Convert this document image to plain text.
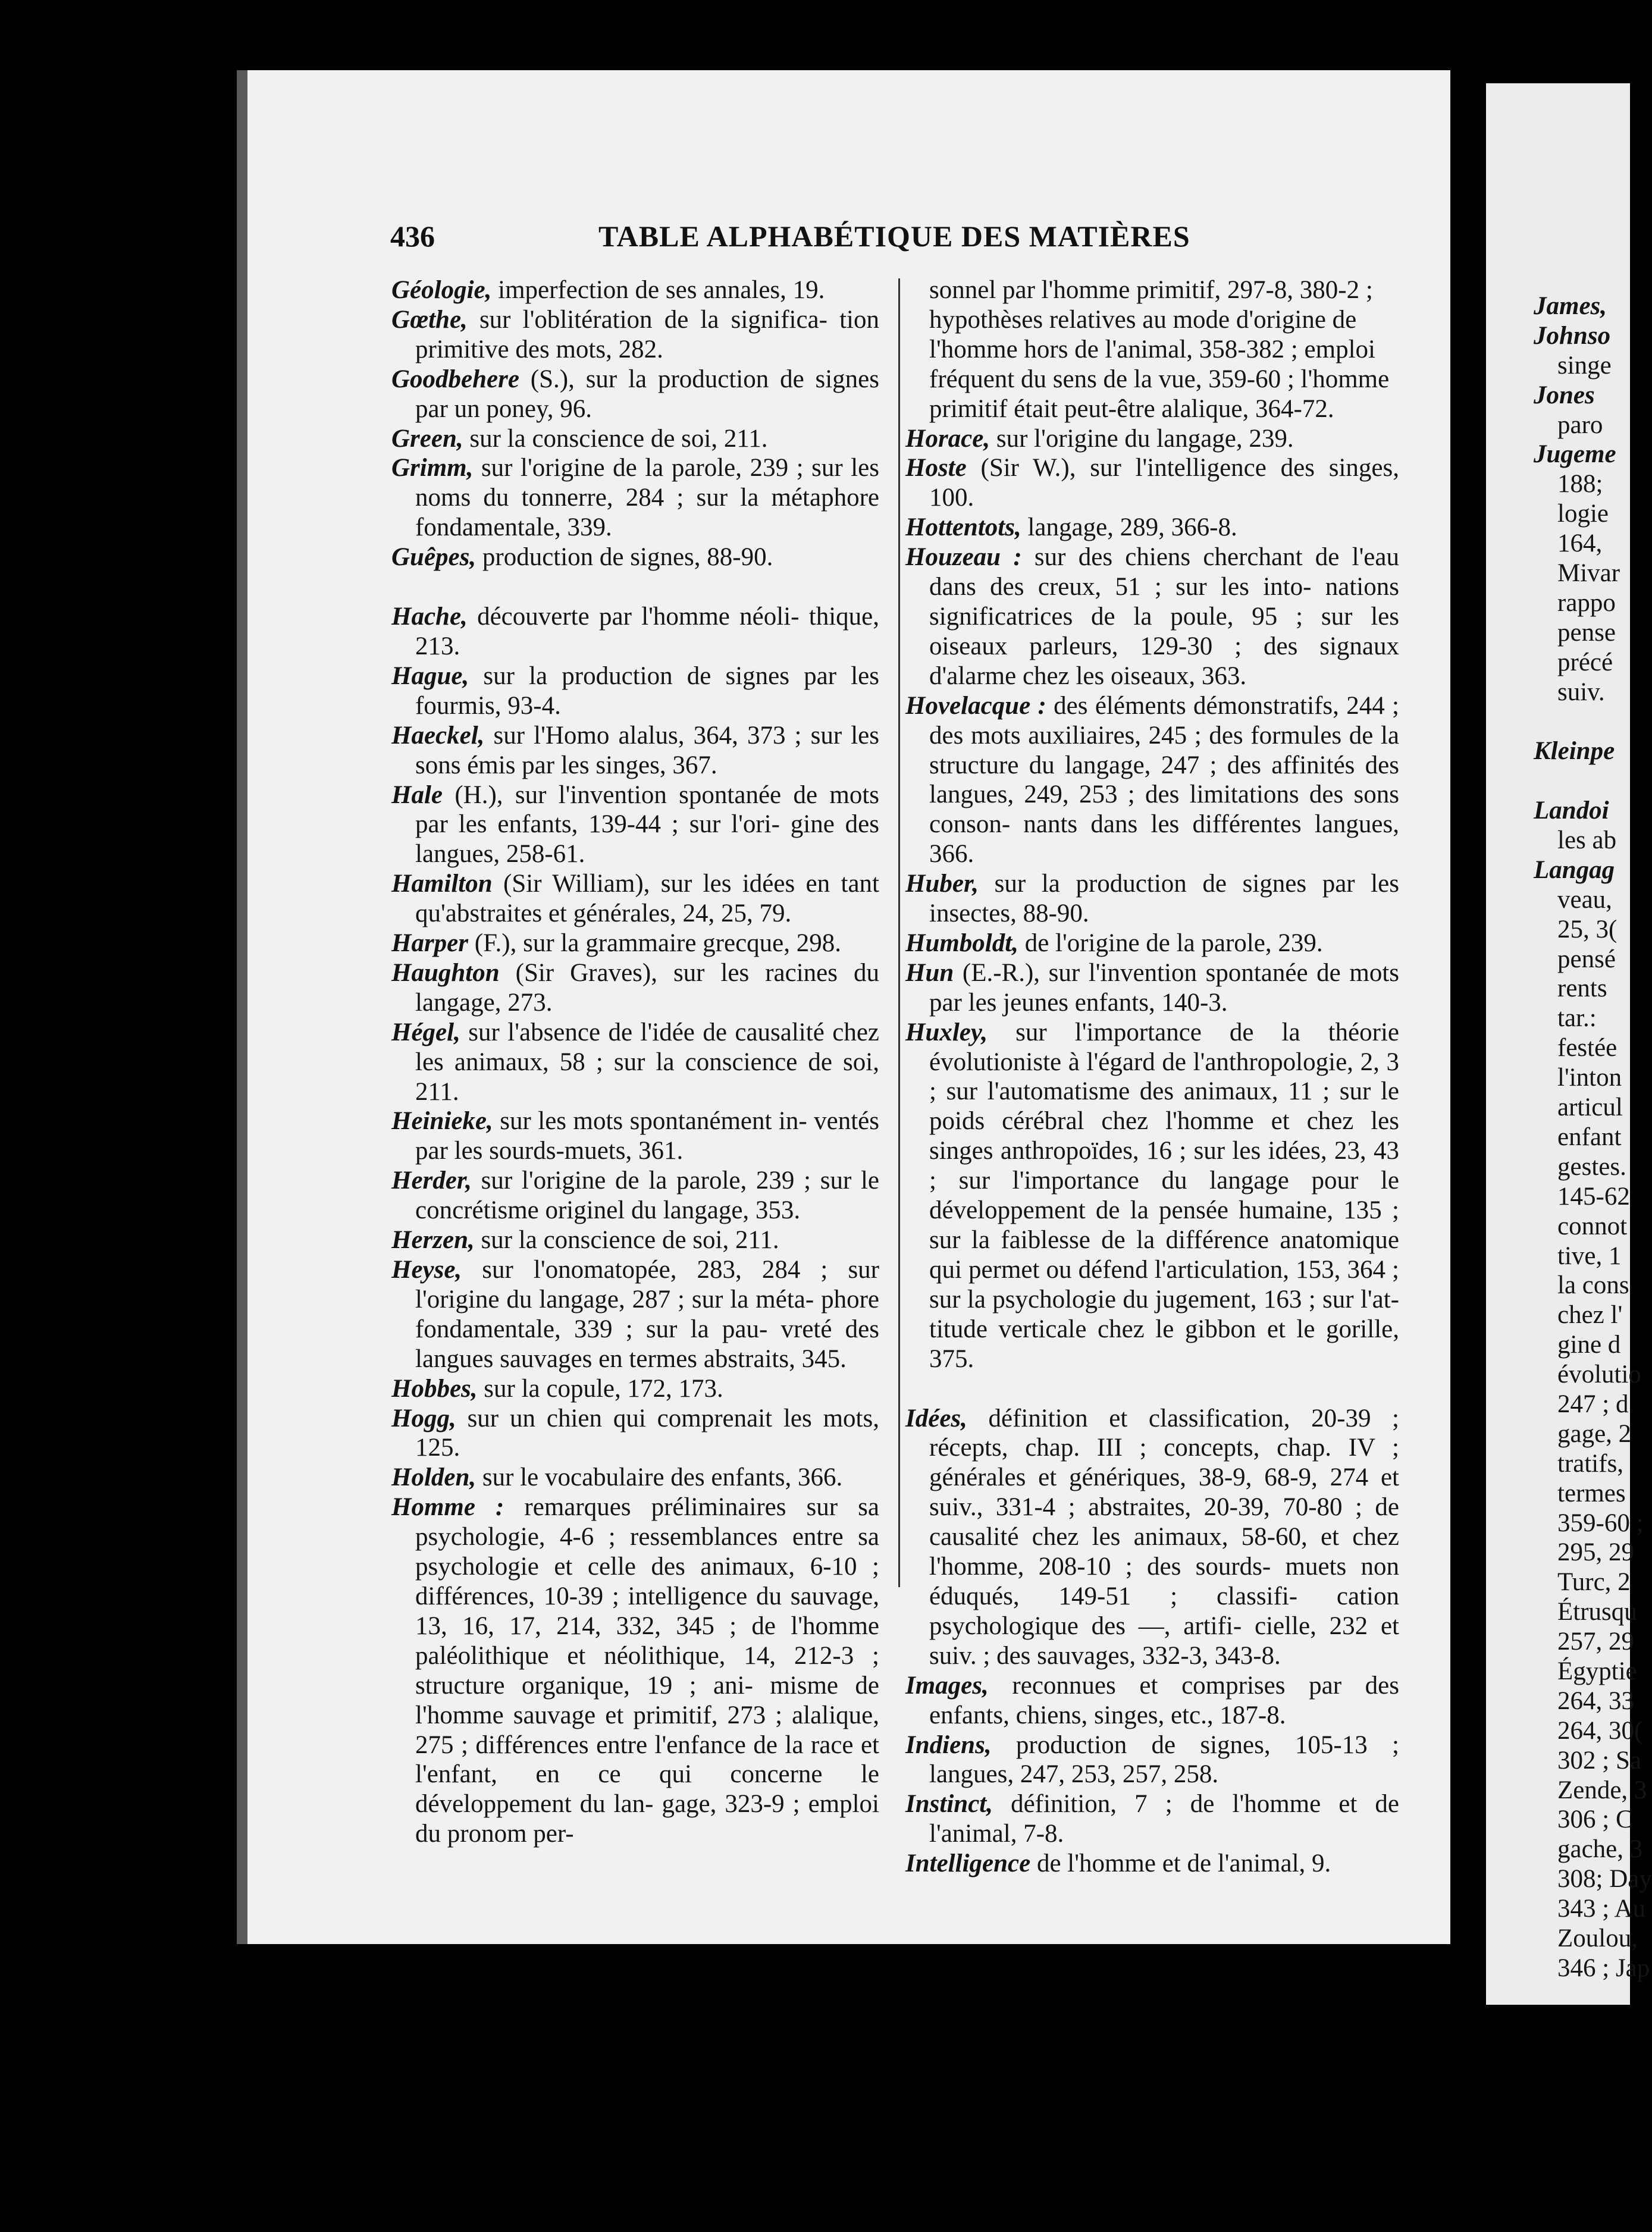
436	TABLE ALPHABÉTIQUE DES MATIÈRES

Géologie, imperfection de ses annales, 19.

Gœthe, sur l'oblitération de la significa- tion primitive des mots, 282.

Goodbehere (S.), sur la production de signes par un poney, 96.

Green, sur la conscience de soi, 211.

Grimm, sur l'origine de la parole, 239 ; sur les noms du tonnerre, 284 ; sur la métaphore fondamentale, 339.

Guêpes, production de signes, 88-90.

Hache, découverte par l'homme néoli- thique, 213.

Hague, sur la production de signes par les fourmis, 93-4.

Haeckel, sur l'Homo alalus, 364, 373 ; sur les sons émis par les singes, 367.

Hale (H.), sur l'invention spontanée de mots par les enfants, 139-44 ; sur l'ori- gine des langues, 258-61.

Hamilton (Sir William), sur les idées en tant qu'abstraites et générales, 24, 25, 79.

Harper (F.), sur la grammaire grecque, 298.

Haughton (Sir Graves), sur les racines du langage, 273.

Hégel, sur l'absence de l'idée de causalité chez les animaux, 58 ; sur la conscience de soi, 211.

Heinieke, sur les mots spontanément in- ventés par les sourds-muets, 361.

Herder, sur l'origine de la parole, 239 ; sur le concrétisme originel du langage, 353.

Herzen, sur la conscience de soi, 211.

Heyse, sur l'onomatopée, 283, 284 ; sur l'origine du langage, 287 ; sur la méta- phore fondamentale, 339 ; sur la pau- vreté des langues sauvages en termes abstraits, 345.

Hobbes, sur la copule, 172, 173.

Hogg, sur un chien qui comprenait les mots, 125.

Holden, sur le vocabulaire des enfants, 366.

Homme : remarques préliminaires sur sa psychologie, 4-6 ; ressemblances entre sa psychologie et celle des animaux, 6-10 ; différences, 10-39 ; intelligence du sauvage, 13, 16, 17, 214, 332, 345 ; de l'homme paléolithique et néolithique, 14, 212-3 ; structure organique, 19 ; ani- misme de l'homme sauvage et primitif, 273 ; alalique, 275 ; différences entre l'enfance de la race et l'enfant, en ce qui concerne le développement du lan- gage, 323-9 ; emploi du pronom per-

sonnel par l'homme primitif, 297-8, 380-2 ; hypothèses relatives au mode d'origine de l'homme hors de l'animal, 358-382 ; emploi fréquent du sens de la vue, 359-60 ; l'homme primitif était peut-être alalique, 364-72.

Horace, sur l'origine du langage, 239.

Hoste (Sir W.), sur l'intelligence des singes, 100.

Hottentots, langage, 289, 366-8.

Houzeau : sur des chiens cherchant de l'eau dans des creux, 51 ; sur les into- nations significatrices de la poule, 95 ; sur les oiseaux parleurs, 129-30 ; des signaux d'alarme chez les oiseaux, 363.

Hovelacque : des éléments démonstratifs, 244 ; des mots auxiliaires, 245 ; des formules de la structure du langage, 247 ; des affinités des langues, 249, 253 ; des limitations des sons conson- nants dans les différentes langues, 366.

Huber, sur la production de signes par les insectes, 88-90.

Humboldt, de l'origine de la parole, 239.

Hun (E.-R.), sur l'invention spontanée de mots par les jeunes enfants, 140-3.

Huxley, sur l'importance de la théorie évolutioniste à l'égard de l'anthropologie, 2, 3 ; sur l'automatisme des animaux, 11 ; sur le poids cérébral chez l'homme et chez les singes anthropoïdes, 16 ; sur les idées, 23, 43 ; sur l'importance du langage pour le développement de la pensée humaine, 135 ; sur la faiblesse de la différence anatomique qui permet ou défend l'articulation, 153, 364 ; sur la psychologie du jugement, 163 ; sur l'at- titude verticale chez le gibbon et le gorille, 375.

Idées, définition et classification, 20-39 ; récepts, chap. III ; concepts, chap. IV ; générales et génériques, 38-9, 68-9, 274 et suiv., 331-4 ; abstraites, 20-39, 70-80 ; de causalité chez les animaux, 58-60, et chez l'homme, 208-10 ; des sourds- muets non éduqués, 149-51 ; classifi- cation psychologique des —, artifi- cielle, 232 et suiv. ; des sauvages, 332-3, 343-8.

Images, reconnues et comprises par des enfants, chiens, singes, etc., 187-8.

Indiens, production de signes, 105-13 ; langues, 247, 253, 257, 258.

Instinct, définition, 7 ; de l'homme et de l'animal, 7-8.

Intelligence de l'homme et de l'animal, 9.

James,
Johnso
singe
Jones
paro
Jugeme
188;
logie
164,
Mivar
rappo
pense
précé
suiv.
Kleinpe
Landoi
les ab
Langag
veau,
25, 3(
pensé
rents
tar.:
festée
l'inton
articul
enfant
gestes.
145-62
connot
tive, 1
la cons
chez l'
gine d
évolutio
247 ; d
gage, 2
tratifs,
termes
359-60 ;
295, 29
Turc, 2
Étrusqu
257, 29
Égyptie
264, 33
264, 30(
302 ; Sa
Zende, 3
306 ; C
gache, 3
308; Day
343 ; Au
Zoulou,
346 ; Jap
